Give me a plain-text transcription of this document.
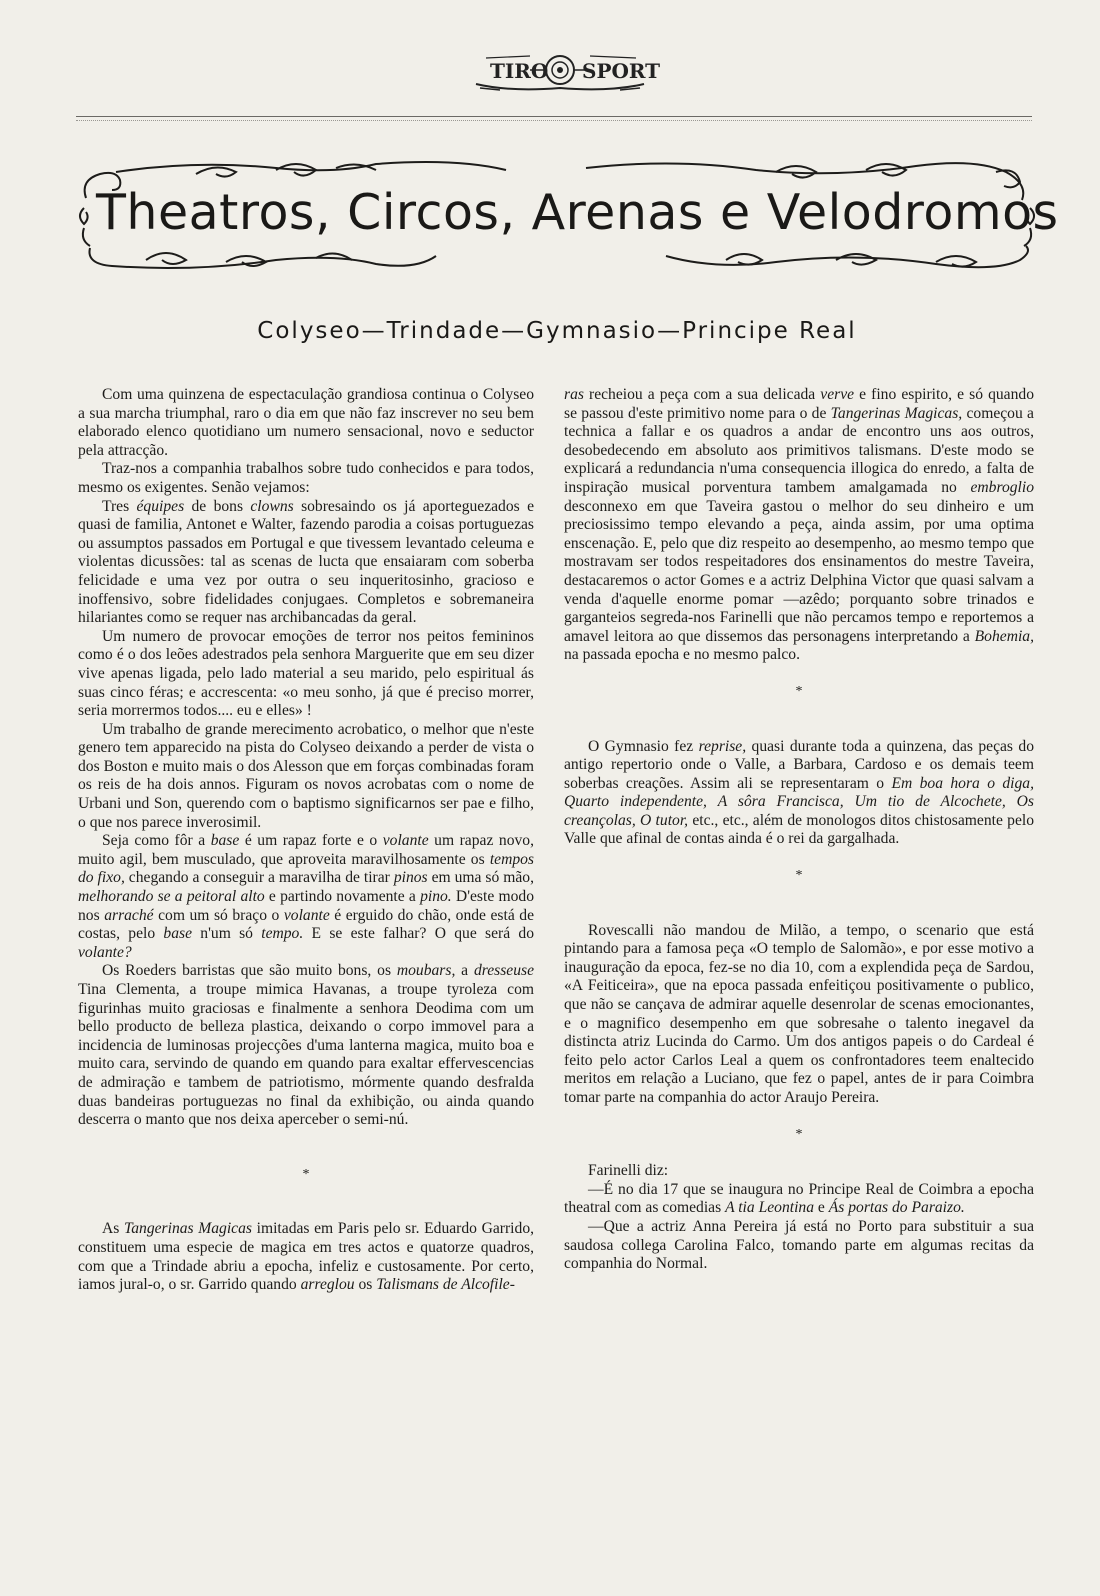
TIRO SPORT
Theatros, Circos, Arenas e Velodromos
Colyseo—Trindade—Gymnasio—Principe Real

Com uma quinzena de espectaculação grandiosa continua o Colyseo a sua marcha triumphal, raro o dia em que não faz inscrever no seu bem elaborado elenco quotidiano um numero sensacional, novo e seductor pela attracção.

Traz-nos a companhia trabalhos sobre tudo conhecidos e para todos, mesmo os exigentes. Senão vejamos:

Tres équipes de bons clowns sobresaindo os já aporteguezados e quasi de familia, Antonet e Walter, fazendo parodia a coisas portuguezas ou assumptos passados em Portugal e que tivessem levantado celeuma e violentas dicussões: tal as scenas de lucta que ensaiaram com soberba felicidade e uma vez por outra o seu inqueritosinho, gracioso e inoffensivo, sobre fidelidades conjugaes. Completos e sobremaneira hilariantes como se requer nas archibancadas da geral.

Um numero de provocar emoções de terror nos peitos femininos como é o dos leões adestrados pela senhora Marguerite que em seu dizer vive apenas ligada, pelo lado material a seu marido, pelo espiritual ás suas cinco féras; e accrescenta: «o meu sonho, já que é preciso morrer, seria morrermos todos.... eu e elles» !

Um trabalho de grande merecimento acrobatico, o melhor que n'este genero tem apparecido na pista do Colyseo deixando a perder de vista o dos Boston e muito mais o dos Alesson que em forças combinadas foram os reis de ha dois annos. Figuram os novos acrobatas com o nome de Urbani und Son, querendo com o baptismo significarnos ser pae e filho, o que nos parece inverosimil.

Seja como fôr a base é um rapaz forte e o volante um rapaz novo, muito agil, bem musculado, que aproveita maravilhosamente os tempos do fixo, chegando a conseguir a maravilha de tirar pinos em uma só mão, melhorando se a peitoral alto e partindo novamente a pino. D'este modo nos arraché com um só braço o volante é erguido do chão, onde está de costas, pelo base n'um só tempo. E se este falhar? O que será do volante?

Os Roeders barristas que são muito bons, os moubars, a dresseuse Tina Clementa, a troupe mimica Havanas, a troupe tyroleza com figurinhas muito graciosas e finalmente a senhora Deodima com um bello producto de belleza plastica, deixando o corpo immovel para a incidencia de luminosas projecções d'uma lanterna magica, muito boa e muito cara, servindo de quando em quando para exaltar effervescencias de admiração e tambem de patriotismo, mórmente quando desfralda duas bandeiras portuguezas no final da exhibição, ou ainda quando descerra o manto que nos deixa aperceber o semi-nú.

*

As Tangerinas Magicas imitadas em Paris pelo sr. Eduardo Garrido, constituem uma especie de magica em tres actos e quatorze quadros, com que a Trindade abriu a epocha, infeliz e custosamente. Por certo, iamos jural-o, o sr. Garrido quando arreglou os Talismans de Alcofile-

ras recheiou a peça com a sua delicada verve e fino espirito, e só quando se passou d'este primitivo nome para o de Tangerinas Magicas, começou a technica a fallar e os quadros a andar de encontro uns aos outros, desobedecendo em absoluto aos primitivos talismans. D'este modo se explicará a redundancia n'uma consequencia illogica do enredo, a falta de inspiração musical porventura tambem amalgamada no embroglio desconnexo em que Taveira gastou o melhor do seu dinheiro e um preciosissimo tempo elevando a peça, ainda assim, por uma optima enscenação. E, pelo que diz respeito ao desempenho, ao mesmo tempo que mostravam ser todos respeitadores dos ensinamentos do mestre Taveira, destacaremos o actor Gomes e a actriz Delphina Victor que quasi salvam a venda d'aquelle enorme pomar —azêdo; porquanto sobre trinados e garganteios segreda-nos Farinelli que não percamos tempo e reportemos a amavel leitora ao que dissemos das personagens interpretando a Bohemia, na passada epocha e no mesmo palco.

*

O Gymnasio fez reprise, quasi durante toda a quinzena, das peças do antigo repertorio onde o Valle, a Barbara, Cardoso e os demais teem soberbas creações. Assim ali se representaram o Em boa hora o diga, Quarto independente, A sôra Francisca, Um tio de Alcochete, Os creançolas, O tutor, etc., etc., além de monologos ditos chistosamente pelo Valle que afinal de contas ainda é o rei da gargalhada.

*

Rovescalli não mandou de Milão, a tempo, o scenario que está pintando para a famosa peça «O templo de Salomão», e por esse motivo a inauguração da epoca, fez-se no dia 10, com a explendida peça de Sardou, «A Feiticeira», que na epoca passada enfeitiçou positivamente o publico, que não se cançava de admirar aquelle desenrolar de scenas emocionantes, e o magnifico desempenho em que sobresahe o talento inegavel da distincta atriz Lucinda do Carmo. Um dos antigos papeis o do Cardeal é feito pelo actor Carlos Leal a quem os confrontadores teem enaltecido meritos em relação a Luciano, que fez o papel, antes de ir para Coimbra tomar parte na companhia do actor Araujo Pereira.

*

Farinelli diz:

—É no dia 17 que se inaugura no Principe Real de Coimbra a epocha theatral com as comedias A tia Leontina e Ás portas do Paraizo.

—Que a actriz Anna Pereira já está no Porto para substituir a sua saudosa collega Carolina Falco, tomando parte em algumas recitas da companhia do Normal.
